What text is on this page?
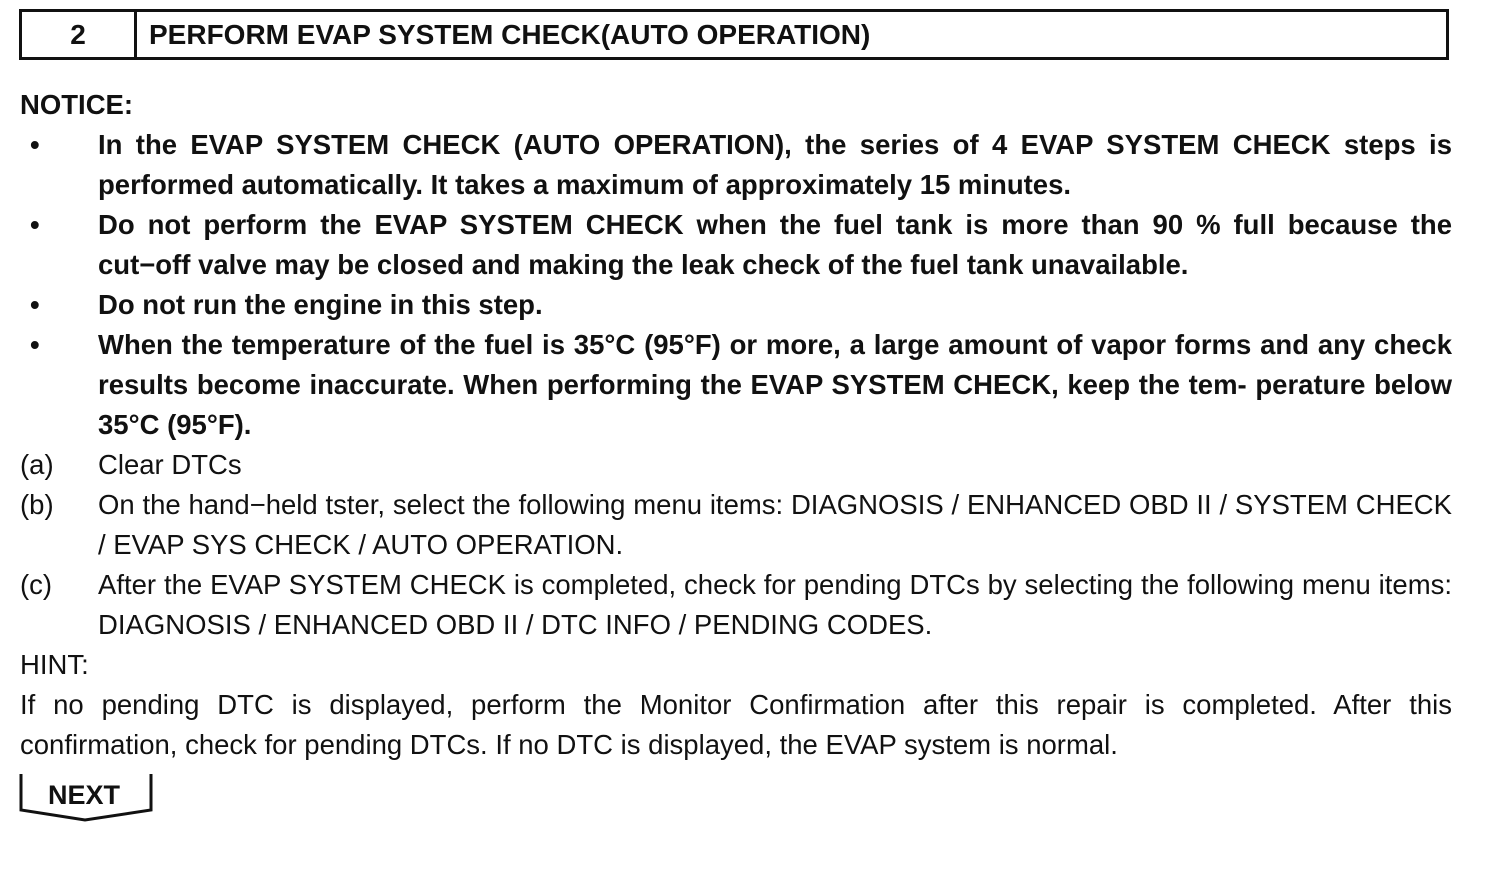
2	PERFORM EVAP SYSTEM CHECK(AUTO OPERATION)
NOTICE:
•	In the EVAP SYSTEM CHECK (AUTO OPERATION), the series of 4 EVAP SYSTEM CHECK steps is performed automatically. It takes a maximum of approximately 15 minutes.
•	Do not perform the EVAP SYSTEM CHECK when the fuel tank is more than 90 % full because the cut−off valve may be closed and making the leak check of the fuel tank unavailable.
•	Do not run the engine in this step.
•	When the temperature of the fuel is 35°C (95°F) or more, a large amount of vapor forms and any check results become inaccurate. When performing the EVAP SYSTEM CHECK, keep the tem- perature below 35°C (95°F).
(a)	Clear DTCs
(b)	On the hand−held tster, select the following menu items: DIAGNOSIS / ENHANCED OBD II / SYSTEM CHECK / EVAP SYS CHECK / AUTO OPERATION.
(c)	After the EVAP SYSTEM CHECK is completed, check for pending DTCs by selecting the following menu items: DIAGNOSIS / ENHANCED OBD II / DTC INFO / PENDING CODES.
HINT:
If no pending DTC is displayed, perform the Monitor Confirmation after this repair is completed. After this confirmation, check for pending DTCs. If no DTC is displayed, the EVAP system is normal.
NEXT
